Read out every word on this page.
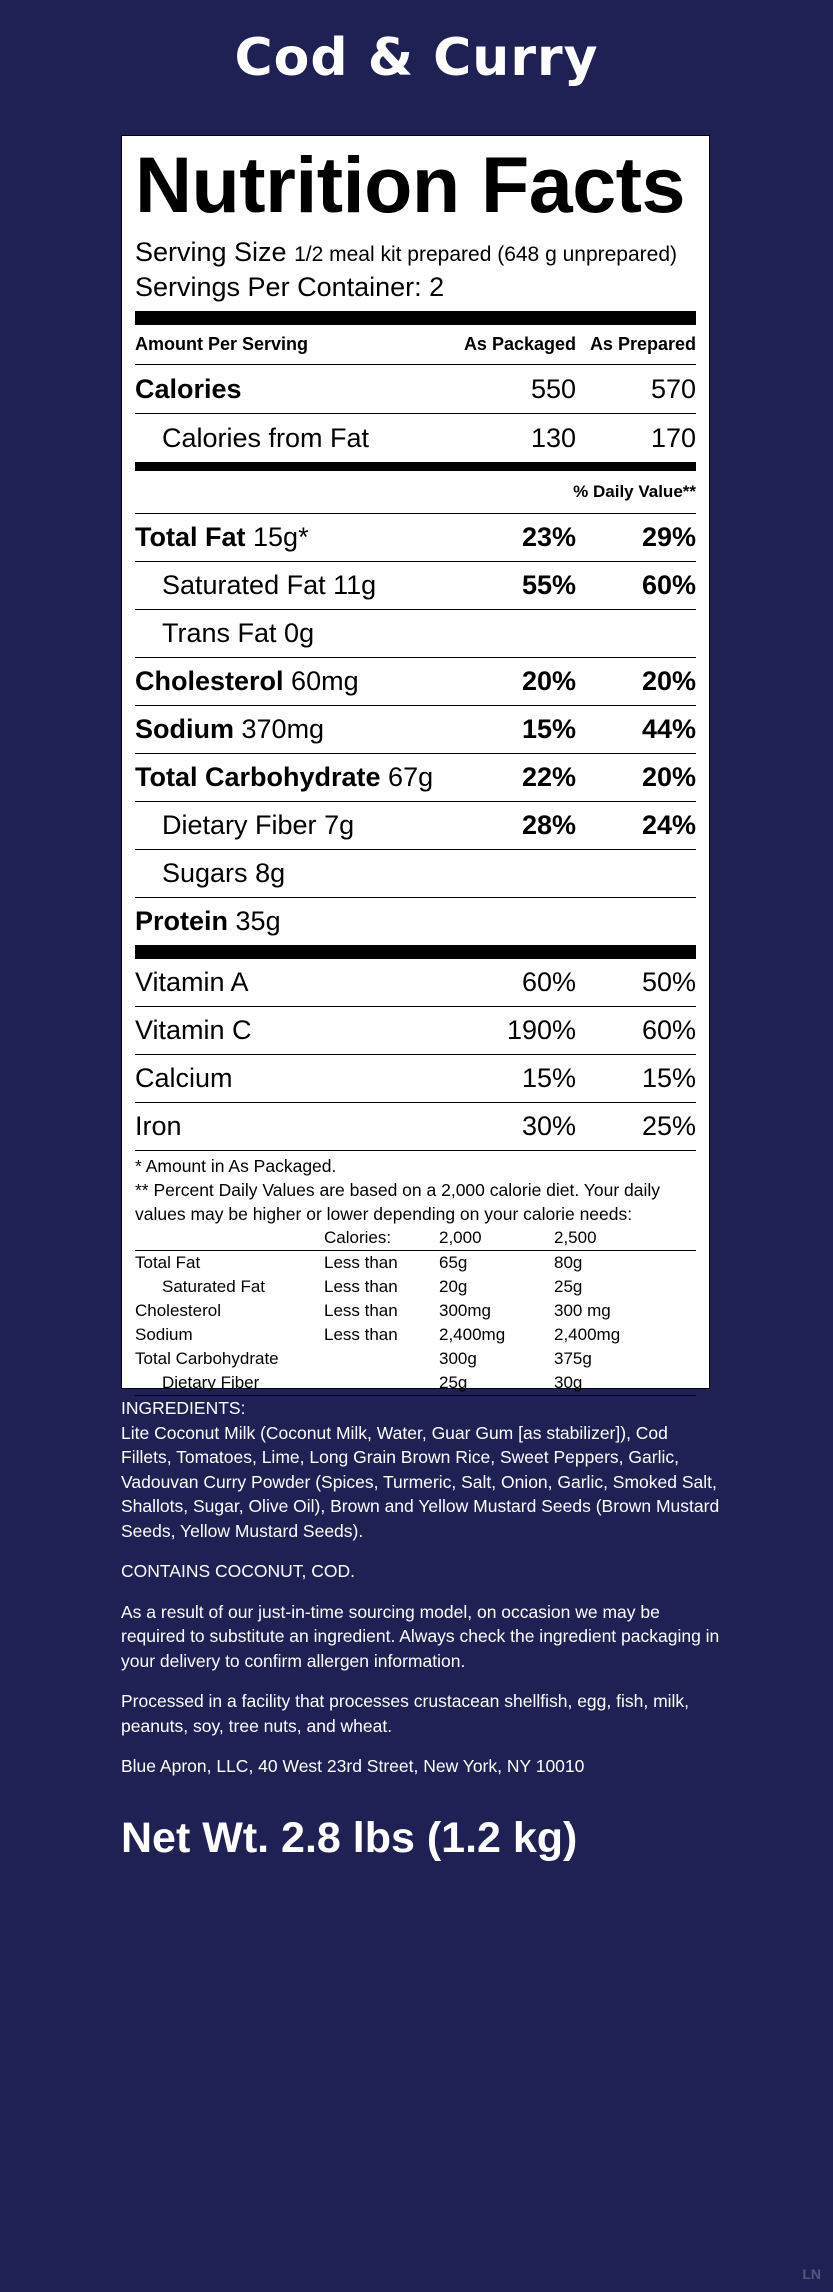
Cod & Curry
Nutrition Facts
Serving Size 1/2 meal kit prepared (648 g unprepared)
Servings Per Container: 2
Amount Per Serving	As Packaged As Prepared
Calories	550	570
Calories from Fat	130	170
% Daily Value**
Total Fat 15g*	23%	29%
Saturated Fat 11g	55%	60%
Trans Fat 0g
Cholesterol 60mg	20%	20%
Sodium 370mg	15%	44%
Total Carbohydrate 67g	22%	20%
Dietary Fiber 7g	28%	24%
Sugars 8g
Protein 35g
Vitamin A	60%	50%
Vitamin C	190%	60%
Calcium	15%	15%
Iron	30%	25%
* Amount in As Packaged.
** Percent Daily Values are based on a 2,000 calorie diet. Your daily values may be higher or lower depending on your calorie needs:
	Calories:	2,000	2,500
Total Fat	Less than	65g	80g
Saturated Fat	Less than	20g	25g
Cholesterol	Less than	300mg	300 mg
Sodium	Less than	2,400mg	2,400mg
Total Carbohydrate		300g	375g
Dietary Fiber		25g	30g

INGREDIENTS:
Lite Coconut Milk (Coconut Milk, Water, Guar Gum [as stabilizer]), Cod Fillets, Tomatoes, Lime, Long Grain Brown Rice, Sweet Peppers, Garlic, Vadouvan Curry Powder (Spices, Turmeric, Salt, Onion, Garlic, Smoked Salt, Shallots, Sugar, Olive Oil), Brown and Yellow Mustard Seeds (Brown Mustard Seeds, Yellow Mustard Seeds).

CONTAINS COCONUT, COD.

As a result of our just-in-time sourcing model, on occasion we may be required to substitute an ingredient. Always check the ingredient packaging in your delivery to confirm allergen information.

Processed in a facility that processes crustacean shellfish, egg, fish, milk, peanuts, soy, tree nuts, and wheat.

Blue Apron, LLC, 40 West 23rd Street, New York, NY 10010

Net Wt. 2.8 lbs (1.2 kg)
LN
